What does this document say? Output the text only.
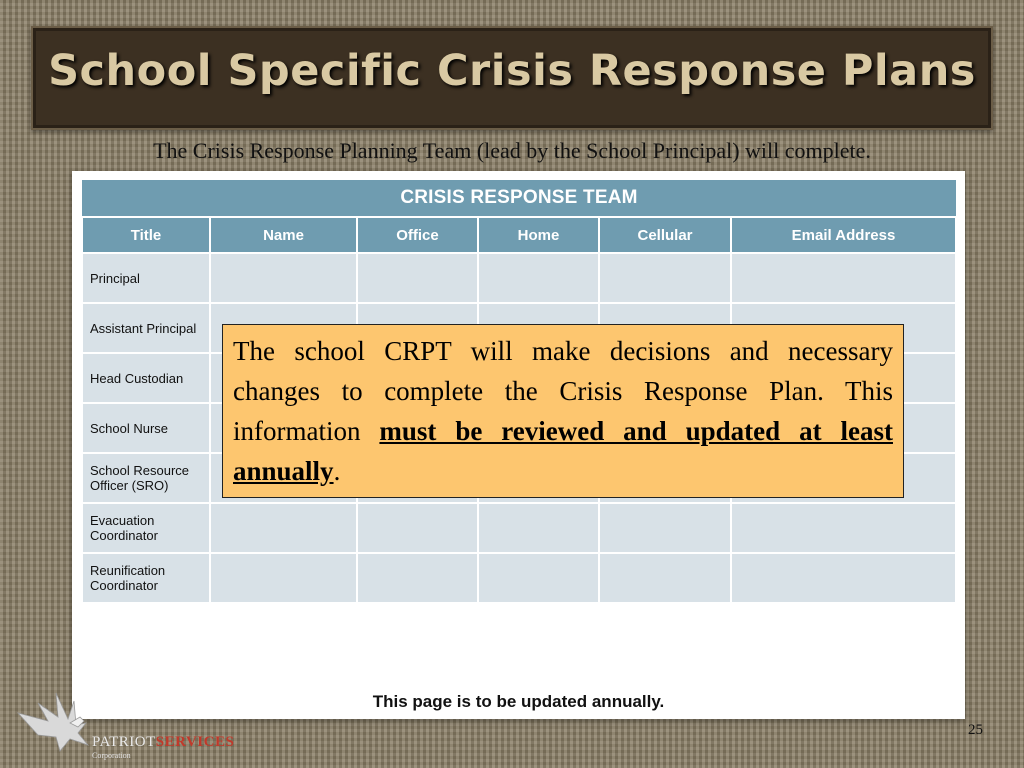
School Specific Crisis Response Plans
The Crisis Response Planning Team (lead by the School Principal) will complete.
CRISIS RESPONSE TEAM					
Title	Name	Office	Home	Cellular	Email Address
Principal					
Assistant Principal					
Head Custodian					
School Nurse					
School Resource Officer (SRO)					
Evacuation Coordinator					
Reunification Coordinator					
This page is to be updated annually.
The school CRPT will make decisions and necessary changes to complete the Crisis Response Plan. This information must be reviewed and updated at least annually.
PATRIOTSERVICES
Corporation
25
